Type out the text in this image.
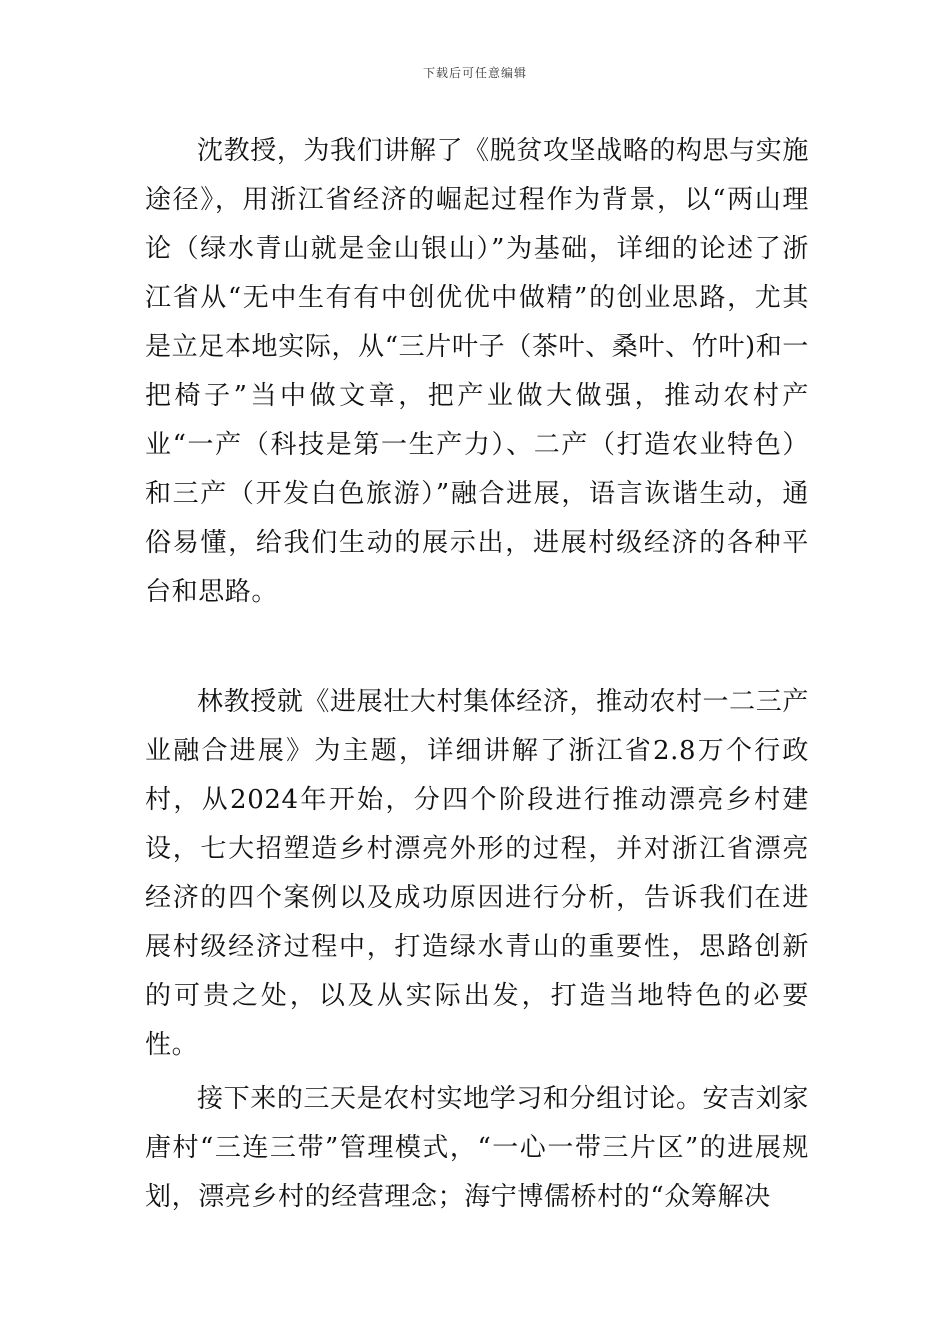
下载后可任意编辑

沈教授，为我们讲解了《脱贫攻坚战略的构思与实施途径》，用浙江省经济的崛起过程作为背景，以“两山理论（绿水青山就是金山银山）”为基础，详细的论述了浙江省从“无中生有有中创优优中做精”的创业思路，尤其是立足本地实际，从“三片叶子（茶叶、桑叶、竹叶)和一把椅子”当中做文章，把产业做大做强，推动农村产业“一产（科技是第一生产力）、二产（打造农业特色）和三产（开发白色旅游）”融合进展，语言诙谐生动，通俗易懂，给我们生动的展示出，进展村级经济的各种平台和思路。

林教授就《进展壮大村集体经济，推动农村一二三产业融合进展》为主题，详细讲解了浙江省2.8万个行政村，从2024年开始，分四个阶段进行推动漂亮乡村建设，七大招塑造乡村漂亮外形的过程，并对浙江省漂亮经济的四个案例以及成功原因进行分析，告诉我们在进展村级经济过程中，打造绿水青山的重要性，思路创新的可贵之处，以及从实际出发，打造当地特色的必要性。

接下来的三天是农村实地学习和分组讨论。安吉刘家唐村“三连三带”管理模式，“一心一带三片区”的进展规划，漂亮乡村的经营理念；海宁博儒桥村的“众筹解决
